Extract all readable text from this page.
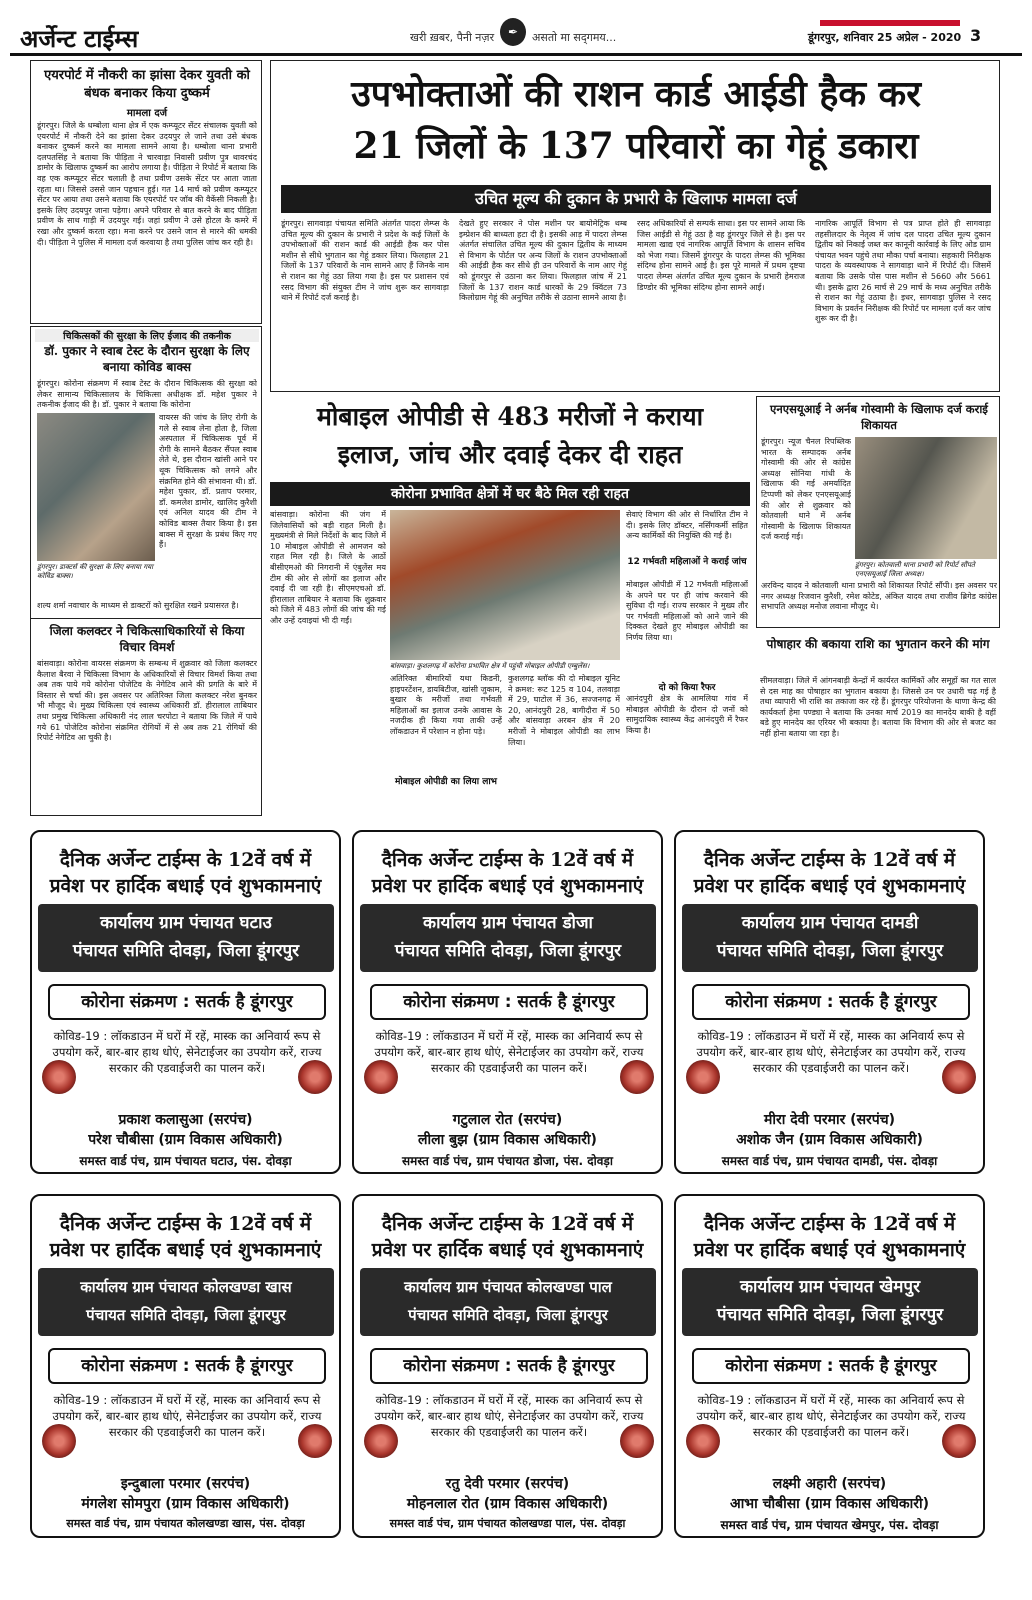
अर्जेन्ट टाईम्स	खरी ख़बर, पैनी नज़र	✒	असतो मा सद्‌गमय...	डूंगरपुर, शनिवार 25 अप्रेल - 2020 3
एयरपोर्ट में नौकरी का झांसा देकर युवती को बंधक बनाकर किया दुष्कर्म
मामला दर्ज
डूंगरपुर। जिले के धम्बोला थाना क्षेत्र में एक कम्प्यूटर सेंटर संचालक युवती को एयरपोर्ट में नौकरी देने का झांसा देकर उदयपुर ले जाने तथा उसे बंधक बनाकर दुष्कर्म करने का मामला सामने आया है। धम्बोला थाना प्रभारी दलपतसिंह ने बताया कि पीड़िता ने चारवाड़ा निवासी प्रवीण पुत्र थावरचंद डामोर के खिलाफ दुष्कर्म का आरोप लगाया है। पीड़िता ने रिपोर्ट में बताया कि वह एक कम्प्यूटर सेंटर चलाती है तथा प्रवीण उसके सेंटर पर आता जाता रहता था। जिससे उससे जान पहचान हुई। गत 14 मार्च को प्रवीण कम्प्यूटर सेंटर पर आया तथा उसने बताया कि एयरपोर्ट पर जॉब की वैकेंसी निकली है। इसके लिए उदयपुर जाना पड़ेगा। अपने परिवार से बात करने के बाद पीड़िता प्रवीण के साथ गाड़ी में उदयपुर गई। जहां प्रवीण ने उसे होटल के कमरे में रखा और दुष्कर्म करता रहा। मना करने पर उसने जान से मारने की धमकी दी। पीड़िता ने पुलिस में मामला दर्ज करवाया है तथा पुलिस जांच कर रही है।
चिकित्सकों की सुरक्षा के लिए ईजाद की तकनीक
डॉ. पुकार ने स्वाब टेस्ट के दौरान सुरक्षा के लिए बनाया कोविड बाक्स
डूंगरपुर। कोरोना संक्रमण में स्वाब टेस्ट के दौरान चिकित्सक की सुरक्षा को लेकर सामान्य चिकित्सालय के चिकित्सा अधीक्षक डॉ. महेश पुकार ने तकनीक ईजाद की है। डॉ. पुकार ने बताया कि कोरोना
वायरस की जांच के लिए रोगी के गले से स्वाब लेना होता है, जिला अस्पताल में चिकित्सक पूर्व में रोगी के सामने बैठकर सैंपल स्वाब लेते थे, इस दौरान खांसी आने पर थूक चिकित्सक को लगने और संक्रमित होने की संभावना थी। डॉ. महेश पुकार, डॉ. प्रताप परमार, डॉ. कमलेश डामोर, खालिद कुरैशी एवं अनिल यादव की टीम ने कोविड बाक्स तैयार किया है। इस बाक्स में सुरक्षा के प्रबंध किए गए हैं।
डूंगरपुर। डाक्टर्स की सुरक्षा के लिए बनाया गया कोविड बाक्स।
शल्य शर्मा नवाचार के माध्यम से डाक्टरों को सुरक्षित रखने प्रयासरत है।
जिला कलक्टर ने चिकित्साधिकारियों से किया विचार विमर्श
बांसवाड़ा। कोरोना वायरस संक्रमण के सम्बन्ध में शुक्रवार को जिला कलक्टर कैलाश बैरवा ने चिकित्सा विभाग के अधिकारियों से विचार विमर्श किया तथा अब तक पाये गये कोरोना पोजेटिव के नेगेटिव आने की प्रगति के बारे में विस्तार से चर्चा की। इस अवसर पर अतिरिक्त जिला कलक्टर नरेश बुनकर भी मौजूद थे। मुख्य चिकित्सा एवं स्वास्थ्य अधिकारी डॉ. हीरालाल ताबियार तथा प्रमुख चिकित्सा अधिकारी नंद लाल चरपोटा ने बताया कि जिले में पाये गये 61 पोजेटिव कोरोना संक्रमित रोगियों में से अब तक 21 रोगियों की रिपोर्ट नेगेटिव आ चुकी है।
उपभोक्ताओं की राशन कार्ड आईडी हैक कर
21 जिलों के 137 परिवारों का गेहूं डकारा
उचित मूल्य की दुकान के प्रभारी के खिलाफ मामला दर्ज
डूंगरपुर। सागवाड़ा पंचायत समिति अंतर्गत पादरा लेम्प्स के उचित मूल्य की दुकान के प्रभारी ने प्रदेश के कई जिलों के उपभोक्ताओं की राशन कार्ड की आईडी हैक कर पोस मशीन से सीधे भुगतान का गेहूं डकार लिया। फिलहाल 21 जिलों के 137 परिवारों के नाम सामने आए हैं जिनके नाम से राशन का गेहूं उठा लिया गया है। इस पर प्रशासन एवं रसद विभाग की संयुक्त टीम ने जांच शुरू कर सागवाड़ा थाने में रिपोर्ट दर्ज कराई है।
देखते हुए सरकार ने पोस मशीन पर बायोमेट्रिक थम्ब इम्प्रेशन की बाध्यता हटा दी है। इसकी आड़ में पादरा लेम्प्स अंतर्गत संचालित उचित मूल्य की दुकान द्वितीय के माध्यम से विभाग के पोर्टल पर अन्य जिलों के राशन उपभोक्ताओं की आईडी हैक कर सीधे ही उन परिवारों के नाम आए गेहूं को डूंगरपुर से उठाना कर लिया। फिलहाल जांच में 21 जिलों के 137 राशन कार्ड धारकों के 29 क्विंटल 73 किलोग्राम गेहूं की अनुचित तरीके से उठाना सामने आया है।
रसद अधिकारियों से सम्पर्क साधा। इस पर सामने आया कि जिस आईडी से गेहूं उठा है वह डूंगरपुर जिले से है। इस पर मामला खाद्य एवं नागरिक आपूर्ति विभाग के शासन सचिव को भेजा गया। जिसमें डूंगरपुर के पादरा लेम्प्स की भूमिका संदिग्ध होना सामने आई है। इस पूरे मामले में प्रथम दृष्टया पादरा लेम्प्स अंतर्गत उचित मूल्य दुकान के प्रभारी हेमराज डिण्डोर की भूमिका संदिग्ध होना सामने आई।
नागरिक आपूर्ति विभाग से पत्र प्राप्त होते ही सागवाड़ा तहसीलदार के नेतृत्व में जांच दल पादरा उचित मूल्य दुकान द्वितीय को निकाई जब्त कर कानूनी कार्रवाई के लिए ओड ग्राम पंचायत भवन पहुंचे तथा मौका पर्चा बनाया। सहकारी निरीक्षक पादरा के व्यवस्थापक ने सागवाड़ा थाने में रिपोर्ट दी। जिसमें बताया कि उसके पोस पास मशीन से 5660 और 5661 थी। इसके द्वारा 26 मार्च से 29 मार्च के मध्य अनुचित तरीके से राशन का गेहूं उठाया है। इधर, सागवाड़ा पुलिस ने रसद विभाग के प्रवर्तन निरीक्षक की रिपोर्ट पर मामला दर्ज कर जांच शुरू कर दी है।
मोबाइल ओपीडी से 483 मरीजों ने कराया
इलाज, जांच और दवाई देकर दी राहत
कोरोना प्रभावित क्षेत्रों में घर बैठे मिल रही राहत
बांसवाड़ा। कोरोना की जंग में जिलेवासियों को बड़ी राहत मिली है। मुख्यमंत्री से मिले निर्देशों के बाद जिले में 10 मोबाइल ओपीडी से आमजन को राहत मिल रही है। जिले के आठों बीसीएमओ की निगरानी में एंबुलेंस मय टीम की ओर से लोगों का इलाज और दवाई दी जा रही है। सीएमएचओ डॉ. हीरालाल ताबियार ने बताया कि शुक्रवार को जिले में 483 लोगों की जांच की गई और उन्हें दवाइयां भी दी गईं।
बांसवाड़ा। कुशलगढ़ में कोरोना प्रभावित क्षेत्र में पहुंची मोबाइल ओपीडी एम्बुलेंस।
अतिरिक्त बीमारियों यथा किडनी, हाइपरटेंशन, डायबिटीज, खांसी जुकाम, बुखार के मरीजों तथा गर्भवती महिलाओं का इलाज उनके आवास के नजदीक ही किया गया ताकी उन्हें लॉकडाउन में परेशान न होना पड़े।
मोबाइल ओपीडी का लिया लाभ
कुशलगढ़ ब्लॉक की दो मोबाइल यूनिट ने क्रमश: रूट 125 व 104, तलवाड़ा में 29, घाटोल में 36, सज्जनगढ़ में 20, आनंदपुरी 28, बागीदौरा में 50 और बांसवाड़ा अरबन क्षेत्र में 20 मरीजों ने मोबाइल ओपीडी का लाभ लिया।
सेवाएं विभाग की ओर से निर्धारित टीम ने दी। इसके लिए डॉक्टर, नर्सिंगकर्मी सहित अन्य कार्मिकों की नियुक्ति की गई है।
12 गर्भवती महिलाओं ने कराई जांच
मोबाइल ओपीडी में 12 गर्भवती महिलाओं के अपने घर पर ही जांच करवाने की सुविधा दी गई। राज्य सरकार ने मुख्य तौर पर गर्भवती महिलाओं को आने जाने की दिक्कत देखते हुए मोबाइल ओपीडी का निर्णय लिया था।
दो को किया रैफर
आनंदपुरी क्षेत्र के आमलिया गांव में मोबाइल ओपीडी के दौरान दो जनों को सामुदायिक स्वास्थ्य केंद्र आनंदपुरी में रैफर किया है।
एनएसयूआई ने अर्नब गोस्वामी के खिलाफ दर्ज कराई शिकायत
डूंगरपुर। न्यूज चैनल रिपब्लिक भारत के सम्पादक अर्नब गोस्वामी की ओर से कांग्रेस अध्यक्ष सोनिया गांधी के खिलाफ की गई अमर्यादित टिप्पणी को लेकर एनएसयूआई की ओर से शुक्रवार को कोतवाली थाने में अर्नब गोस्वामी के खिलाफ शिकायत दर्ज कराई गई।
डूंगरपुर। कोतवाली थाना प्रभारी को रिपोर्ट सौंपते एनएसयूआई जिला अध्यक्ष।
अरविन्द यादव ने कोतवाली थाना प्रभारी को शिकायत रिपोर्ट सौंपी। इस अवसर पर नगर अध्यक्ष रिजवान कुरैशी, रमेश कोटेड, अंकित यादव तथा राजीव ब्रिगेड कांग्रेस सभापति अध्यक्ष मनोज लवाना मौजूद थे।
पोषाहार की बकाया राशि का भुगतान करने की मांग
सीमलवाड़ा। जिले में आंगनबाड़ी केन्द्रों में कार्यरत कार्मिकों और समूहों का गत साल से दस माह का पोषाहार का भुगतान बकाया है। जिससे उन पर उधारी चढ़ गई है तथा व्यापारी भी राशि का तकाजा कर रहे हैं। डूंगरपुर परियोजना के थाणा केन्द्र की कार्यकर्ता हेमा पण्ड्या ने बताया कि उनका मार्च 2019 का मानदेय बाकी है वहीं बडे हुए मानदेय का एरियर भी बकाया है। बताया कि विभाग की ओर से बजट का नहीं होना बताया जा रहा है।
दैनिक अर्जेन्ट टाईम्स के 12वें वर्ष में
प्रवेश पर हार्दिक बधाई एवं शुभकामनाएं
कार्यालय ग्राम पंचायत घटाउ
पंचायत समिति दोवड़ा, जिला डूंगरपुर
कोरोना संक्रमण : सतर्क है डूंगरपुर
कोविड-19 : लॉकडाउन में घरों में रहें, मास्क का अनिवार्य रूप से उपयोग करें, बार-बार हाथ धोएं, सेनेटाईजर का उपयोग करें, राज्य सरकार की एडवाईजरी का पालन करें।
प्रकाश कलासुआ (सरपंच)
परेश चौबीसा (ग्राम विकास अधिकारी)
समस्त वार्ड पंच, ग्राम पंचायत घटाउ, पंस. दोवड़ा
दैनिक अर्जेन्ट टाईम्स के 12वें वर्ष में
प्रवेश पर हार्दिक बधाई एवं शुभकामनाएं
कार्यालय ग्राम पंचायत डोजा
पंचायत समिति दोवड़ा, जिला डूंगरपुर
कोरोना संक्रमण : सतर्क है डूंगरपुर
कोविड-19 : लॉकडाउन में घरों में रहें, मास्क का अनिवार्य रूप से उपयोग करें, बार-बार हाथ धोएं, सेनेटाईजर का उपयोग करें, राज्य सरकार की एडवाईजरी का पालन करें।
गटुलाल रोत (सरपंच)
लीला बुझ (ग्राम विकास अधिकारी)
समस्त वार्ड पंच, ग्राम पंचायत डोजा, पंस. दोवड़ा
दैनिक अर्जेन्ट टाईम्स के 12वें वर्ष में
प्रवेश पर हार्दिक बधाई एवं शुभकामनाएं
कार्यालय ग्राम पंचायत दामडी
पंचायत समिति दोवड़ा, जिला डूंगरपुर
कोरोना संक्रमण : सतर्क है डूंगरपुर
कोविड-19 : लॉकडाउन में घरों में रहें, मास्क का अनिवार्य रूप से उपयोग करें, बार-बार हाथ धोएं, सेनेटाईजर का उपयोग करें, राज्य सरकार की एडवाईजरी का पालन करें।
मीरा देवी परमार (सरपंच)
अशोक जैन (ग्राम विकास अधिकारी)
समस्त वार्ड पंच, ग्राम पंचायत दामडी, पंस. दोवड़ा
दैनिक अर्जेन्ट टाईम्स के 12वें वर्ष में
प्रवेश पर हार्दिक बधाई एवं शुभकामनाएं
कार्यालय ग्राम पंचायत कोलखण्डा खास
पंचायत समिति दोवड़ा, जिला डूंगरपुर
कोरोना संक्रमण : सतर्क है डूंगरपुर
कोविड-19 : लॉकडाउन में घरों में रहें, मास्क का अनिवार्य रूप से उपयोग करें, बार-बार हाथ धोएं, सेनेटाईजर का उपयोग करें, राज्य सरकार की एडवाईजरी का पालन करें।
इन्दुबाला परमार (सरपंच)
मंगलेश सोमपुरा (ग्राम विकास अधिकारी)
समस्त वार्ड पंच, ग्राम पंचायत कोलखण्डा खास, पंस. दोवड़ा
दैनिक अर्जेन्ट टाईम्स के 12वें वर्ष में
प्रवेश पर हार्दिक बधाई एवं शुभकामनाएं
कार्यालय ग्राम पंचायत कोलखण्डा पाल
पंचायत समिति दोवड़ा, जिला डूंगरपुर
कोरोना संक्रमण : सतर्क है डूंगरपुर
कोविड-19 : लॉकडाउन में घरों में रहें, मास्क का अनिवार्य रूप से उपयोग करें, बार-बार हाथ धोएं, सेनेटाईजर का उपयोग करें, राज्य सरकार की एडवाईजरी का पालन करें।
रतु देवी परमार (सरपंच)
मोहनलाल रोत (ग्राम विकास अधिकारी)
समस्त वार्ड पंच, ग्राम पंचायत कोलखण्डा पाल, पंस. दोवड़ा
दैनिक अर्जेन्ट टाईम्स के 12वें वर्ष में
प्रवेश पर हार्दिक बधाई एवं शुभकामनाएं
कार्यालय ग्राम पंचायत खेमपुर
पंचायत समिति दोवड़ा, जिला डूंगरपुर
कोरोना संक्रमण : सतर्क है डूंगरपुर
कोविड-19 : लॉकडाउन में घरों में रहें, मास्क का अनिवार्य रूप से उपयोग करें, बार-बार हाथ धोएं, सेनेटाईजर का उपयोग करें, राज्य सरकार की एडवाईजरी का पालन करें।
लक्ष्मी अहारी (सरपंच)
आभा चौबीसा (ग्राम विकास अधिकारी)
समस्त वार्ड पंच, ग्राम पंचायत खेमपुर, पंस. दोवड़ा
